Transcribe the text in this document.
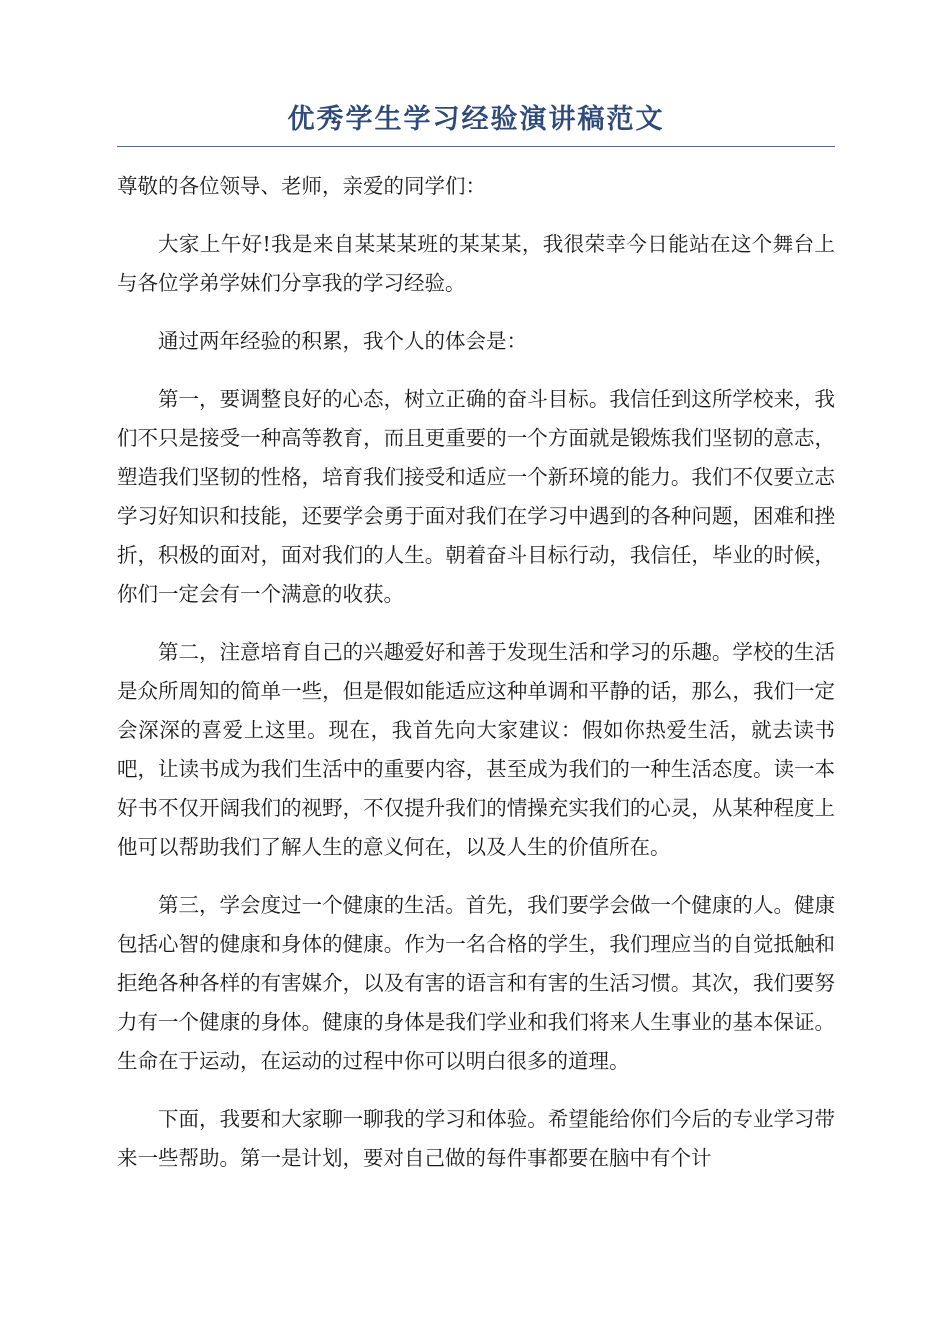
优秀学生学习经验演讲稿范文

尊敬的各位领导、老师，亲爱的同学们：

大家上午好!我是来自某某某班的某某某，我很荣幸今日能站在这个舞台上与各位学弟学妹们分享我的学习经验。

通过两年经验的积累，我个人的体会是：

第一，要调整良好的心态，树立正确的奋斗目标。我信任到这所学校来，我们不只是接受一种高等教育，而且更重要的一个方面就是锻炼我们坚韧的意志，塑造我们坚韧的性格，培育我们接受和适应一个新环境的能力。我们不仅要立志学习好知识和技能，还要学会勇于面对我们在学习中遇到的各种问题，困难和挫折，积极的面对，面对我们的人生。朝着奋斗目标行动，我信任，毕业的时候，你们一定会有一个满意的收获。

第二，注意培育自己的兴趣爱好和善于发现生活和学习的乐趣。学校的生活是众所周知的简单一些，但是假如能适应这种单调和平静的话，那么，我们一定会深深的喜爱上这里。现在，我首先向大家建议：假如你热爱生活，就去读书吧，让读书成为我们生活中的重要内容，甚至成为我们的一种生活态度。读一本好书不仅开阔我们的视野，不仅提升我们的情操充实我们的心灵，从某种程度上他可以帮助我们了解人生的意义何在，以及人生的价值所在。

第三，学会度过一个健康的生活。首先，我们要学会做一个健康的人。健康包括心智的健康和身体的健康。作为一名合格的学生，我们理应当的自觉抵触和拒绝各种各样的有害媒介，以及有害的语言和有害的生活习惯。其次，我们要努力有一个健康的身体。健康的身体是我们学业和我们将来人生事业的基本保证。生命在于运动，在运动的过程中你可以明白很多的道理。

下面，我要和大家聊一聊我的学习和体验。希望能给你们今后的专业学习带来一些帮助。第一是计划，要对自己做的每件事都要在脑中有个计
